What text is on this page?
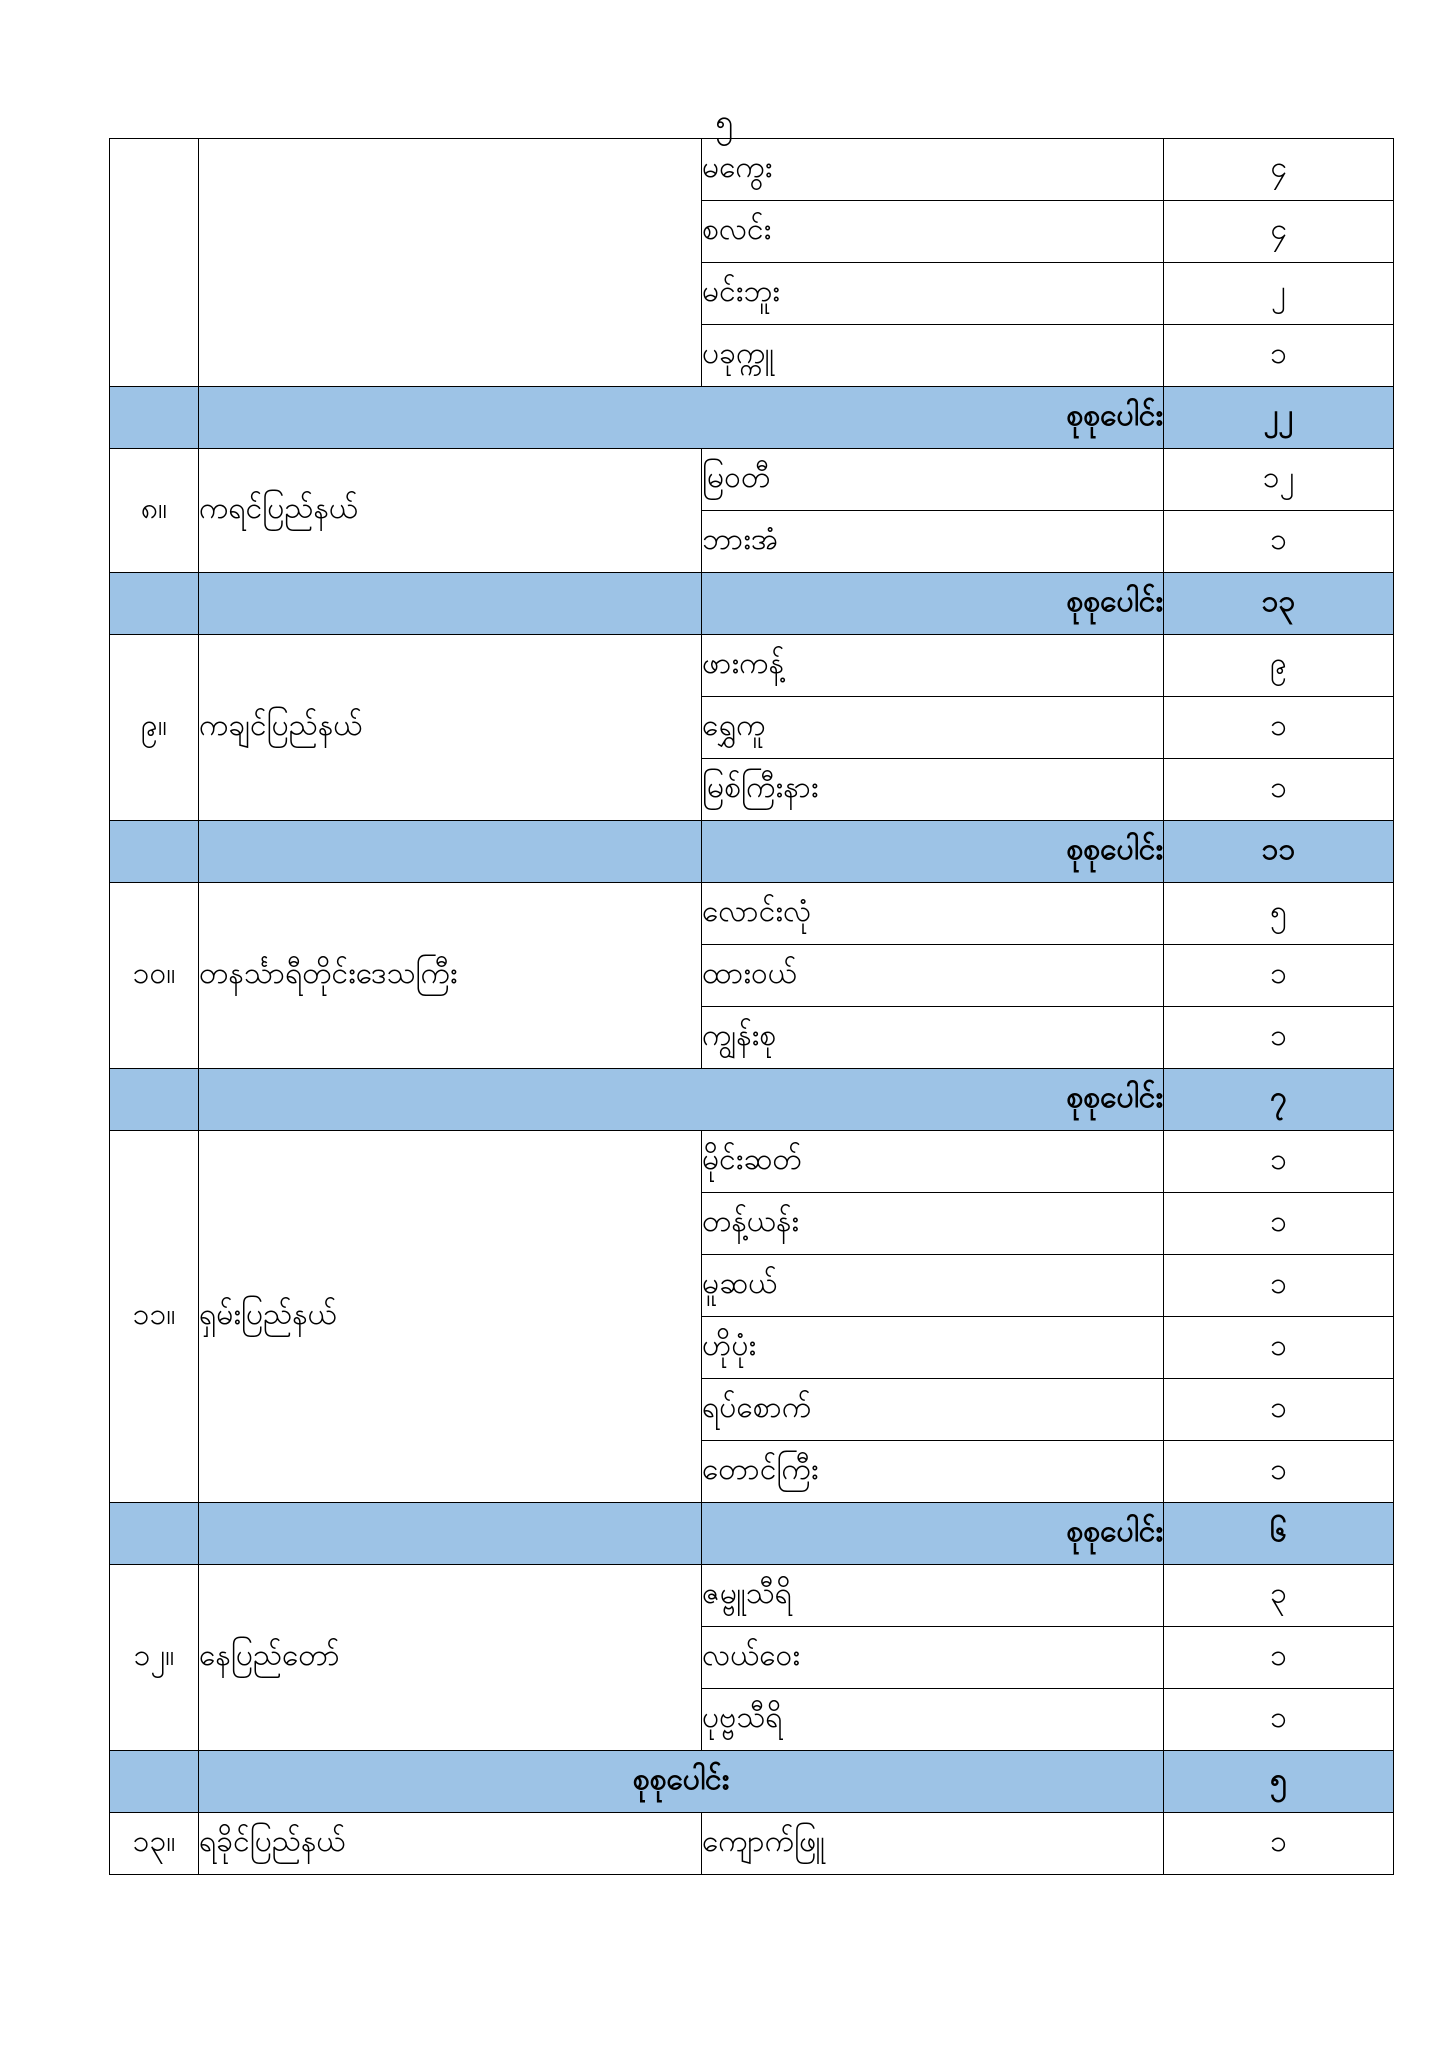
၅
		မကွေး	၄
		စလင်း	၄
		မင်းဘူး	၂
		ပခုက္ကူ	၁
	စုစုပေါင်း		၂၂
၈။	ကရင်ပြည်နယ်	မြဝတီ	၁၂
		ဘားအံ	၁
		စုစုပေါင်း	၁၃
၉။	ကချင်ပြည်နယ်	ဖားကန့်	၉
		ရွှေကူ	၁
		မြစ်ကြီးနား	၁
		စုစုပေါင်း	၁၁
၁၀။	တနင်္သာရီတိုင်းဒေသကြီး	လောင်းလုံ	၅
		ထားဝယ်	၁
		ကျွန်းစု	၁
	စုစုပေါင်း		၇
၁၁။	ရှမ်းပြည်နယ်	မိုင်းဆတ်	၁
		တန့်ယန်း	၁
		မူဆယ်	၁
		ဟိုပုံး	၁
		ရပ်စောက်	၁
		တောင်ကြီး	၁
		စုစုပေါင်း	၆
၁၂။	နေပြည်တော်	ဇမ္ဗူသီရိ	၃
		လယ်ဝေး	၁
		ပုဗ္ဗသီရိ	၁
	စုစုပေါင်း		၅
၁၃။	ရခိုင်ပြည်နယ်	ကျောက်ဖြူ	၁
